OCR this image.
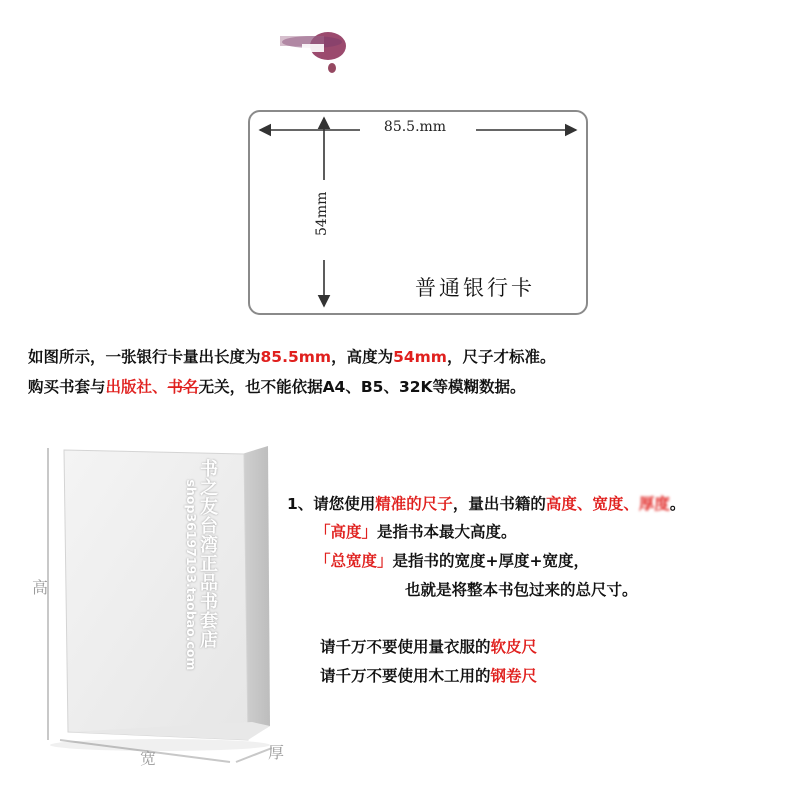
85.5.mm
54mm
普通银行卡
如图所示，一张银行卡量出长度为85.5mm，高度为54mm，尺子才标准。
购买书套与出版社、书名无关，也不能依据A4、B5、32K等模糊数据。
高
宽	厚
书之友台湾正品书套店
shop36197193.taobao.com	1、请您使用精准的尺子，量出书籍的高度、宽度、厚度。
「高度」是指书本最大高度。
「总宽度」是指书的宽度+厚度+宽度，
也就是将整本书包过来的总尺寸。
请千万不要使用量衣服的软皮尺
请千万不要使用木工用的钢卷尺
